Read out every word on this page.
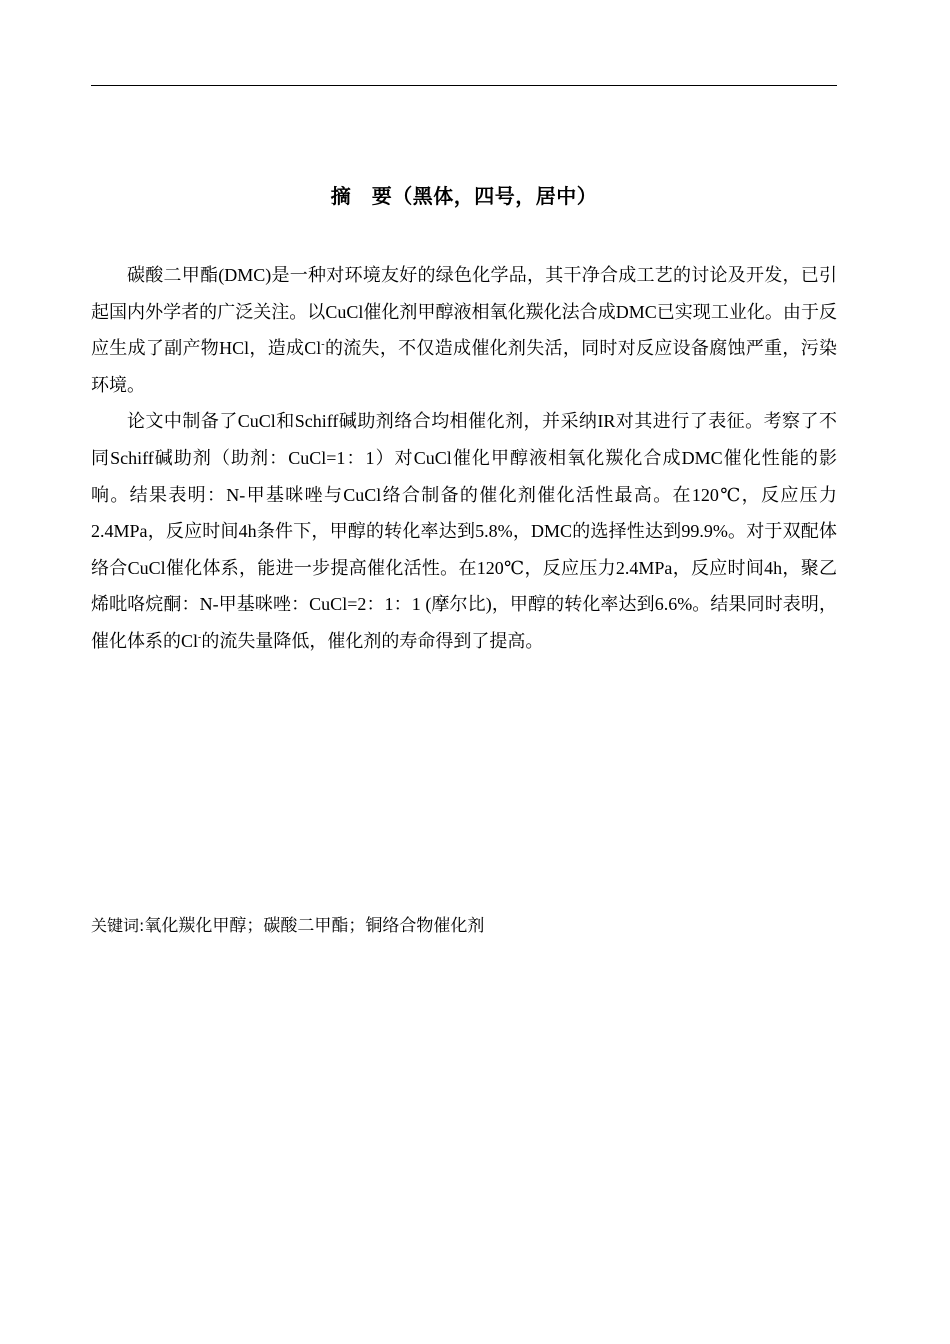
摘　要（黑体，四号，居中）

碳酸二甲酯(DMC)是一种对环境友好的绿色化学品，其干净合成工艺的讨论及开发，已引起国内外学者的广泛关注。以CuCl催化剂甲醇液相氧化羰化法合成DMC已实现工业化。由于反应生成了副产物HCl，造成Cl-的流失，不仅造成催化剂失活，同时对反应设备腐蚀严重，污染环境。

论文中制备了CuCl和Schiff碱助剂络合均相催化剂，并采纳IR对其进行了表征。考察了不同Schiff碱助剂（助剂：CuCl=1：1）对CuCl催化甲醇液相氧化羰化合成DMC催化性能的影响。结果表明：N-甲基咪唑与CuCl络合制备的催化剂催化活性最高。在120℃，反应压力2.4MPa，反应时间4h条件下，甲醇的转化率达到5.8%，DMC的选择性达到99.9%。对于双配体络合CuCl催化体系，能进一步提高催化活性。在120℃，反应压力2.4MPa，反应时间4h，聚乙烯吡咯烷酮：N-甲基咪唑：CuCl=2：1：1 (摩尔比)，甲醇的转化率达到6.6%。结果同时表明，催化体系的Cl-的流失量降低，催化剂的寿命得到了提高。

关键词:氧化羰化甲醇；碳酸二甲酯；铜络合物催化剂
